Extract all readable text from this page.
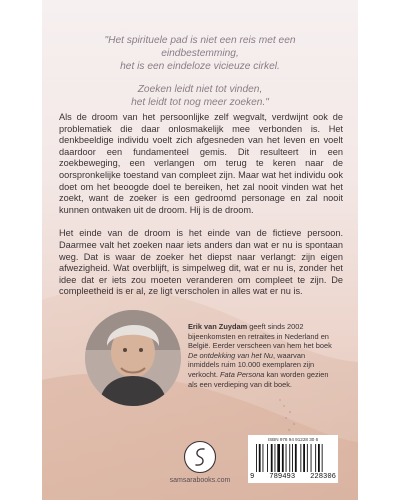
"Het spirituele pad is niet een reis met een eindbestemming,
het is een eindeloze vicieuze cirkel.

Zoeken leidt niet tot vinden,
het leidt tot nog meer zoeken."

Als de droom van het persoonlijke zelf wegvalt, verdwijnt ook de problematiek die daar onlosmakelijk mee verbonden is. Het denkbeeldige individu voelt zich afgesneden van het leven en voelt daardoor een fundamenteel gemis. Dit resulteert in een zoekbeweging, een verlangen om terug te keren naar de oorspronkelijke toestand van compleet zijn. Maar wat het individu ook doet om het beoogde doel te bereiken, het zal nooit vinden wat het zoekt, want de zoeker is een gedroomd personage en zal nooit kunnen ontwaken uit de droom. Hij is de droom.

Het einde van de droom is het einde van de fictieve persoon. Daarmee valt het zoeken naar iets anders dan wat er nu is spontaan weg. Dat is waar de zoeker het diepst naar verlangt: zijn eigen afwezigheid. Wat overblijft, is simpelweg dit, wat er nu is, zonder het idee dat er iets zou moeten veranderen om compleet te zijn. De compleetheid is er al, ze ligt verscholen in alles wat er nu is.

Erik van Zuydam geeft sinds 2002 bijeenkomsten en retraites in Nederland en België. Eerder verscheen van hem het boek De ontdekking van het Nu, waarvan inmiddels ruim 10.000 exemplaren zijn verkocht. Fata Persona kan worden gezien als een verdieping van dit boek.
samsarabooks.com
ISBN 978 94 91228 30 6
9 789493 228306
